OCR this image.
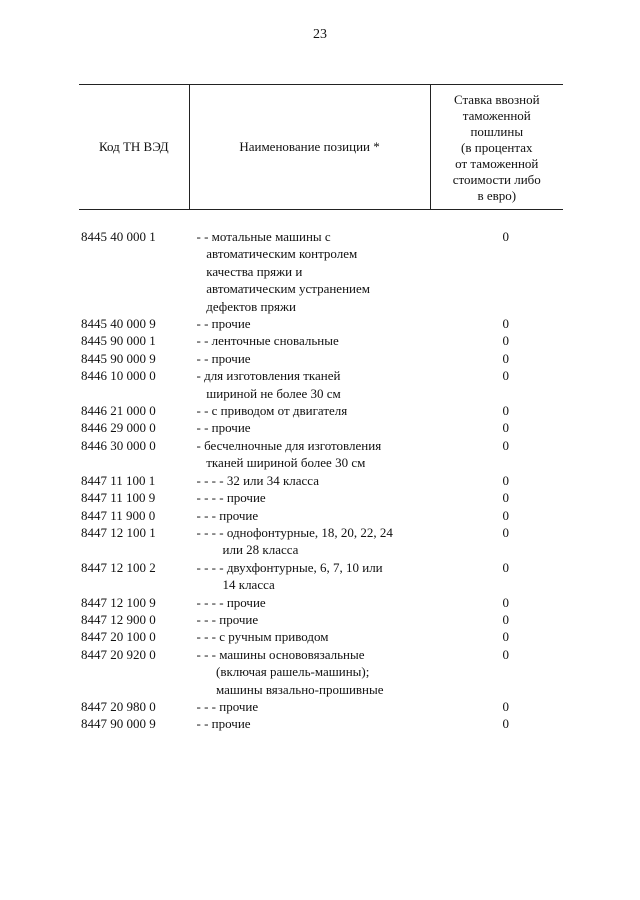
23
Код ТН ВЭД	Наименование позиции *
Ставка ввозной
таможенной
пошлины
(в процентах
от таможенной
стоимости либо
в евро)
8445 40 000 1	- - мотальные машины с
автоматическим контролем
качества пряжи и
автоматическим устранением
дефектов пряжи
0
8445 40 000 9	- - прочие	0
8445 90 000 1	- - ленточные сновальные	0
8445 90 000 9	- - прочие	0
8446 10 000 0	- для изготовления тканей
шириной не более 30 см
0
8446 21 000 0	- - с приводом от двигателя	0
8446 29 000 0	- - прочие	0
8446 30 000 0	- бесчелночные для изготовления
тканей шириной более 30 см
0
8447 11 100 1	- - - - 32 или 34 класса	0
8447 11 100 9	- - - - прочие	0
8447 11 900 0	- - - прочие	0
8447 12 100 1	- - - - однофонтурные, 18, 20, 22, 24
или 28 класса
0
8447 12 100 2	- - - - двухфонтурные, 6, 7, 10 или
14 класса
0
8447 12 100 9	- - - - прочие	0
8447 12 900 0	- - - прочие	0
8447 20 100 0	- - - с ручным приводом	0
8447 20 920 0	- - - машины основовязальные
(включая рашель-машины);
машины вязально-прошивные
0
8447 20 980 0	- - - прочие	0
8447 90 000 9	- - прочие	0
